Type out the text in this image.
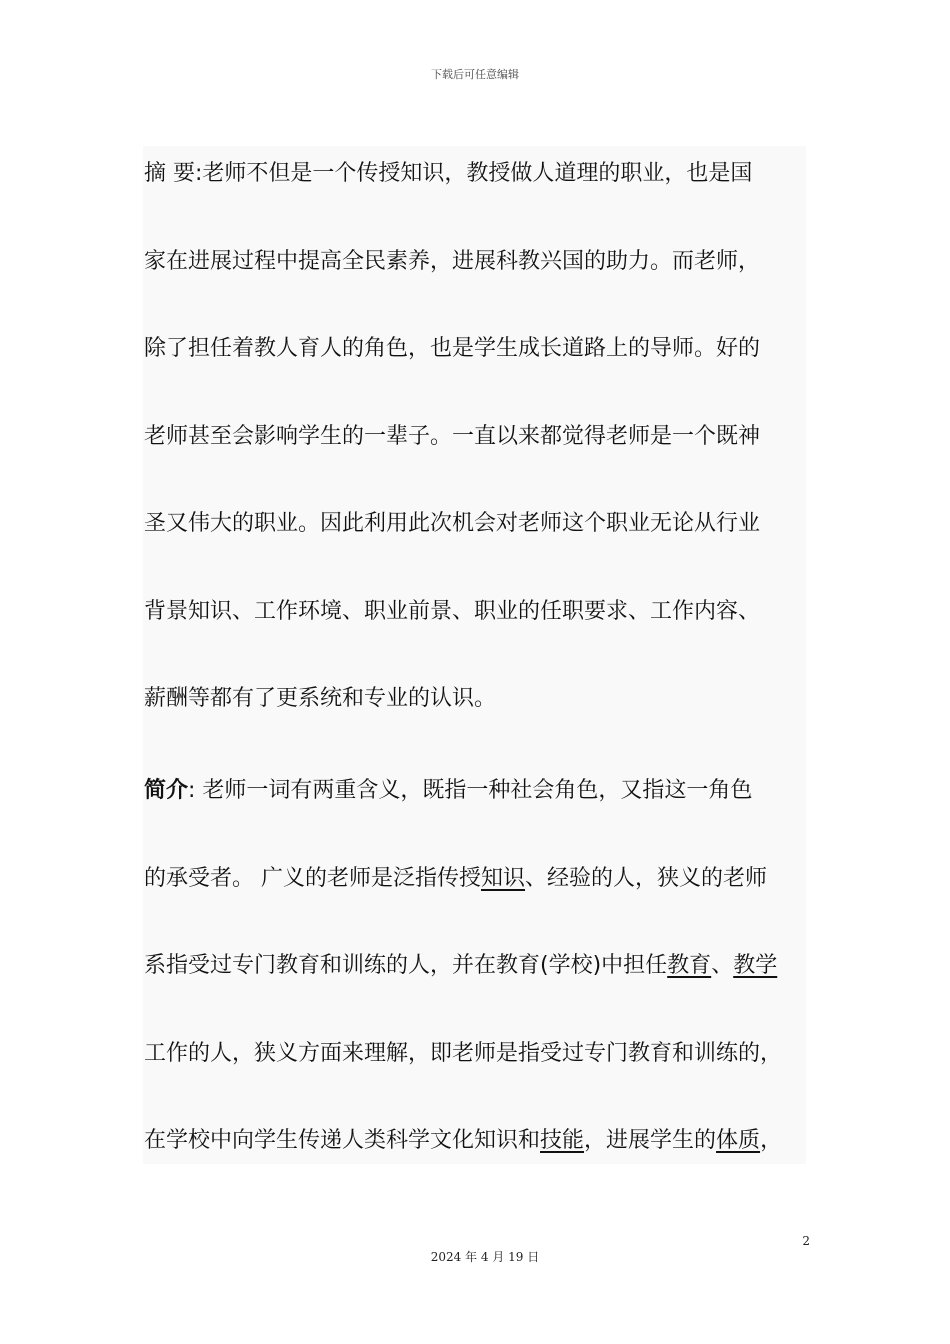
下载后可任意编辑
摘 要:老师不但是一个传授知识，教授做人道理的职业，也是国
家在进展过程中提高全民素养，进展科教兴国的助力。而老师，
除了担任着教人育人的角色，也是学生成长道路上的导师。好的
老师甚至会影响学生的一辈子。一直以来都觉得老师是一个既神
圣又伟大的职业。因此利用此次机会对老师这个职业无论从行业
背景知识、工作环境、职业前景、职业的任职要求、工作内容、
薪酬等都有了更系统和专业的认识。
简介: 老师一词有两重含义，既指一种社会角色，又指这一角色
的承受者。 广义的老师是泛指传授知识、经验的人，狭义的老师
系指受过专门教育和训练的人，并在教育(学校)中担任教育、教学
工作的人，狭义方面来理解，即老师是指受过专门教育和训练的，
在学校中向学生传递人类科学文化知识和技能，进展学生的体质，
2
2024 年 4 月 19 日
